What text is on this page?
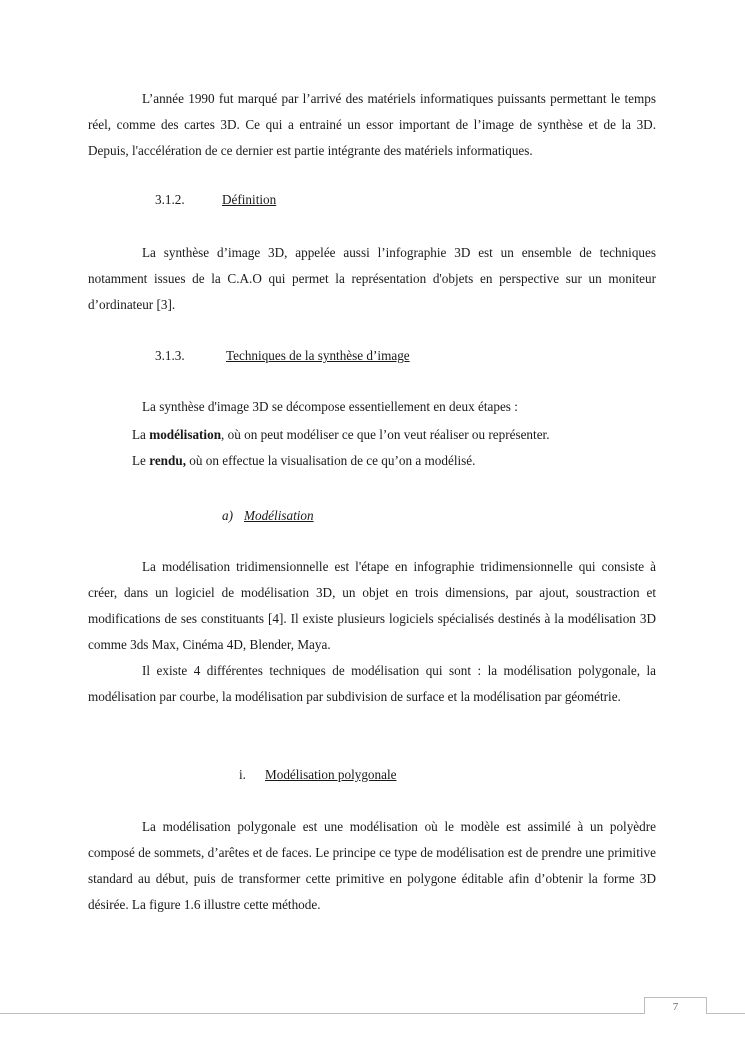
L’année 1990 fut marqué par l’arrivé des matériels informatiques puissants permettant le temps réel, comme des cartes 3D. Ce qui a entrainé un essor important de l’image de synthèse et de la 3D. Depuis, l'accélération de ce dernier est partie intégrante des matériels informatiques.

3.1.2.	Définition

La synthèse d’image 3D, appelée aussi l’infographie 3D est un ensemble de techniques notamment issues de la C.A.O qui permet la représentation d'objets en perspective sur un moniteur d’ordinateur [3].

3.1.3.	Techniques de la synthèse d’image

La synthèse d'image 3D se décompose essentiellement en deux étapes :

La modélisation, où on peut modéliser ce que l’on veut réaliser ou représenter.

Le rendu, où on effectue la visualisation de ce qu’on a modélisé.

a) Modélisation

La modélisation tridimensionnelle est l'étape en infographie tridimensionnelle qui consiste à créer, dans un logiciel de modélisation 3D, un objet en trois dimensions, par ajout, soustraction et modifications de ses constituants [4]. Il existe plusieurs logiciels spécialisés destinés à la modélisation 3D comme 3ds Max, Cinéma 4D, Blender, Maya.

Il existe 4 différentes techniques de modélisation qui sont : la modélisation polygonale, la modélisation par courbe, la modélisation par subdivision de surface et la modélisation par géométrie.

i. Modélisation polygonale

La modélisation polygonale est une modélisation où le modèle est assimilé à un polyèdre composé de sommets, d’arêtes et de faces. Le principe ce type de modélisation est de prendre une primitive standard au début, puis de transformer cette primitive en polygone éditable afin d’obtenir la forme 3D désirée. La figure 1.6 illustre cette méthode.

7
